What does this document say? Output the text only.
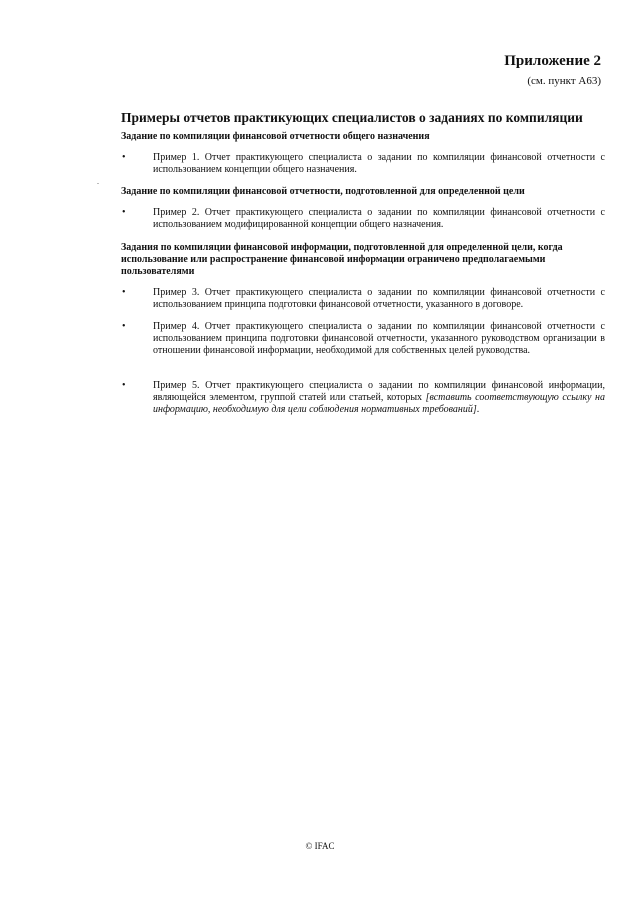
Приложение 2
(см. пункт А63)
Примеры отчетов практикующих специалистов о заданиях по компиляции
Задание по компиляции финансовой отчетности общего назначения
•	Пример 1. Отчет практикующего специалиста о задании по компиляции финансовой отчетности с использованием концепции общего назначения.
Задание по компиляции финансовой отчетности, подготовленной для определенной цели
•	Пример 2. Отчет практикующего специалиста о задании по компиляции финансовой отчетности с использованием модифицированной концепции общего назначения.
Задания по компиляции финансовой информации, подготовленной для определенной цели, когда использование или распространение финансовой информации ограничено предполагаемыми пользователями
•	Пример 3. Отчет практикующего специалиста о задании по компиляции финансовой отчетности с использованием принципа подготовки финансовой отчетности, указанного в договоре.
•	Пример 4. Отчет практикующего специалиста о задании по компиляции финансовой отчетности с использованием принципа подготовки финансовой отчетности, указанного руководством организации в отношении финансовой информации, необходимой для собственных целей руководства.
•	Пример 5. Отчет практикующего специалиста о задании по компиляции финансовой информации, являющейся элементом, группой статей или статьей, которых [вставить соответствующую ссылку на информацию, необходимую для цели соблюдения нормативных требований].
© IFAC
